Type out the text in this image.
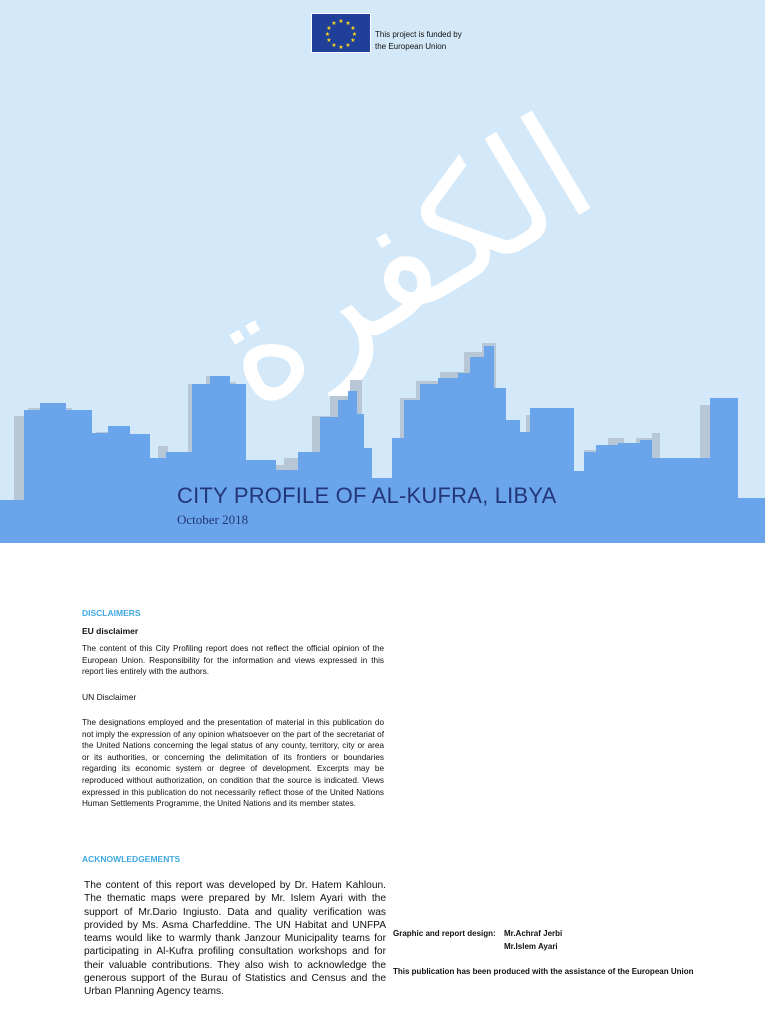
★ ★
★
★
★
★
★
★
★
★
★
★
This project is funded by
the European Union
الكفرة
CITY PROFILE OF AL-KUFRA, LIBYA
October 2018
DISCLAIMERS
EU disclaimer
The content of this City Profiling report does not reflect the official opinion of the European Union. Responsibility for the information and views expressed in this report lies entirely with the authors.
UN Disclaimer
The designations employed and the presentation of material in this publication do not imply the expression of any opinion whatsoever on the part of the secretariat of the United Nations concerning the legal status of any county, territory, city or area or its authorities, or concerning the delimitation of its frontiers or boundaries regarding its economic system or degree of development. Excerpts may be reproduced without authorization, on condition that the source is indicated. Views expressed in this publication do not necessarily reflect those of the United Nations Human Settlements Programme, the United Nations and its member states.
ACKNOWLEDGEMENTS
The content of this report was developed by Dr. Hatem Kahloun. The thematic maps were prepared by Mr. Islem Ayari with the support of Mr.Dario Ingiusto. Data and quality verification was provided by Ms. Asma Charfeddine. The UN Habitat and UNFPA teams would like to warmly thank Janzour Municipality teams for participating in Al-Kufra profiling consultation workshops and for their valuable contributions. They also wish to acknowledge the generous support of the Burau of Statistics and Census and the Urban Planning Agency teams.
Graphic and report design: Mr.Achraf Jerbi
Mr.Islem Ayari
This publication has been produced with the assistance of the European Union
